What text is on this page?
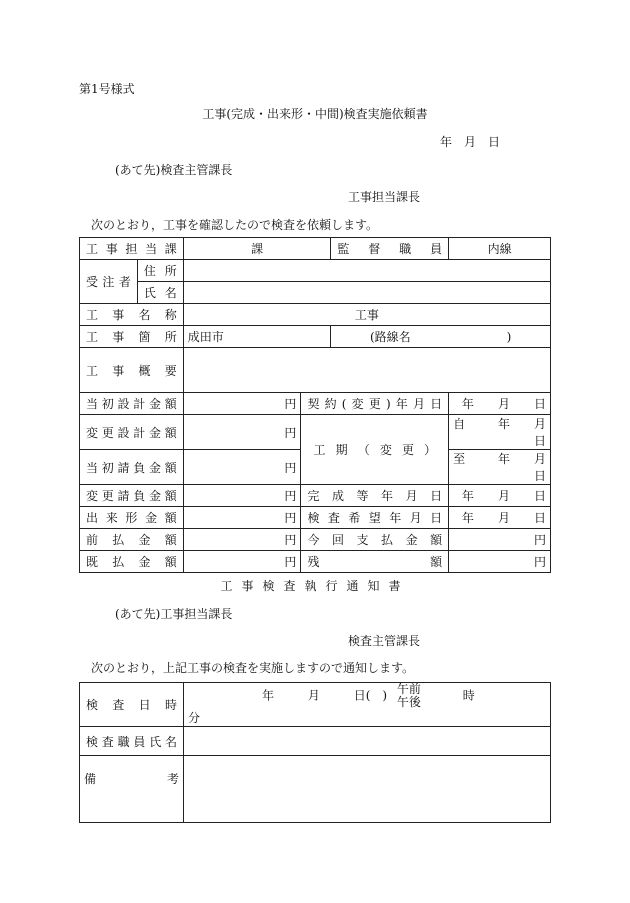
第1号様式
工事(完成・出来形・中間)検査実施依頼書
年　月　日
(あて先)検査主管課長
工事担当課長
次のとおり，工事を確認したので検査を依頼します。
工事担当課		課		監督職員	内線
受注者	住所				
	氏名				
工事名称		工事			
工事箇所		成田市		(路線名　　　　　　　　)	
工事概要					
当初設計金額		円	契約(変更)年月日		年　　 月　　 日
変更設計金額		円	工期（変更）		自 年　　 月　　日
当初請負金額		円			至 年　　 月　　日
変更請負金額		円	完成等年月日		年　　 月　　 日
出来形金額		円	検査希望年月日		年　　 月　　 日
前払金額		円	今回支払金額		円
既払金額		円	残額		円
工事検査執行通知書
(あて先)工事担当課長
検査主管課長
次のとおり，上記工事の検査を実施しますので通知します。
検査日時	年 月 日(　) 午前
午後 時 分
検査職員氏名	
備 考	
